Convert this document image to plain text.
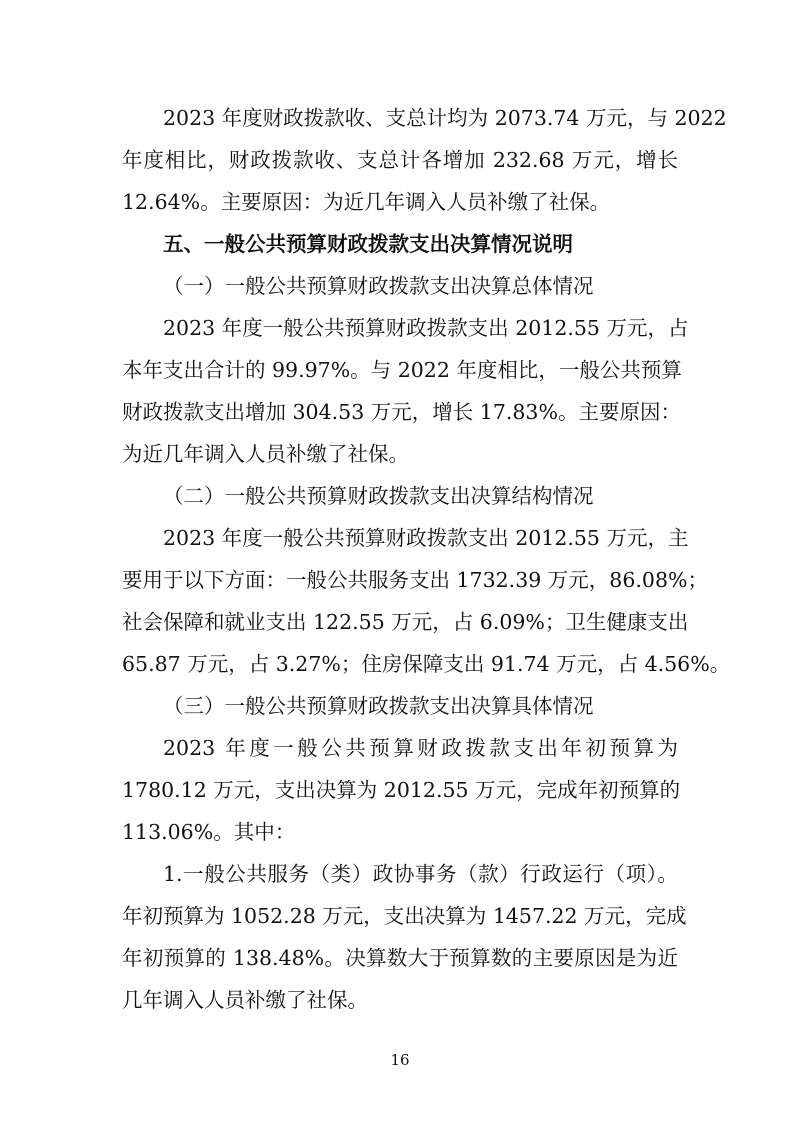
2023 年度财政拨款收、支总计均为 2073.74 万元，与 2022

年度相比，财政拨款收、支总计各增加 232.68 万元，增长

12.64%。主要原因：为近几年调入人员补缴了社保。

五、一般公共预算财政拨款支出决算情况说明

（一）一般公共预算财政拨款支出决算总体情况

2023 年度一般公共预算财政拨款支出 2012.55 万元，占

本年支出合计的 99.97%。与 2022 年度相比，一般公共预算

财政拨款支出增加 304.53 万元，增长 17.83%。主要原因：

为近几年调入人员补缴了社保。

（二）一般公共预算财政拨款支出决算结构情况

2023 年度一般公共预算财政拨款支出 2012.55 万元，主

要用于以下方面：一般公共服务支出 1732.39 万元，86.08%；

社会保障和就业支出 122.55 万元，占 6.09%；卫生健康支出

65.87 万元，占 3.27%；住房保障支出 91.74 万元，占 4.56%。

（三）一般公共预算财政拨款支出决算具体情况

2023 年度一般公共预算财政拨款支出年初预算为

1780.12 万元，支出决算为 2012.55 万元，完成年初预算的

113.06%。其中：

1.一般公共服务（类）政协事务（款）行政运行（项）。

年初预算为 1052.28 万元，支出决算为 1457.22 万元，完成

年初预算的 138.48%。决算数大于预算数的主要原因是为近

几年调入人员补缴了社保。

16
